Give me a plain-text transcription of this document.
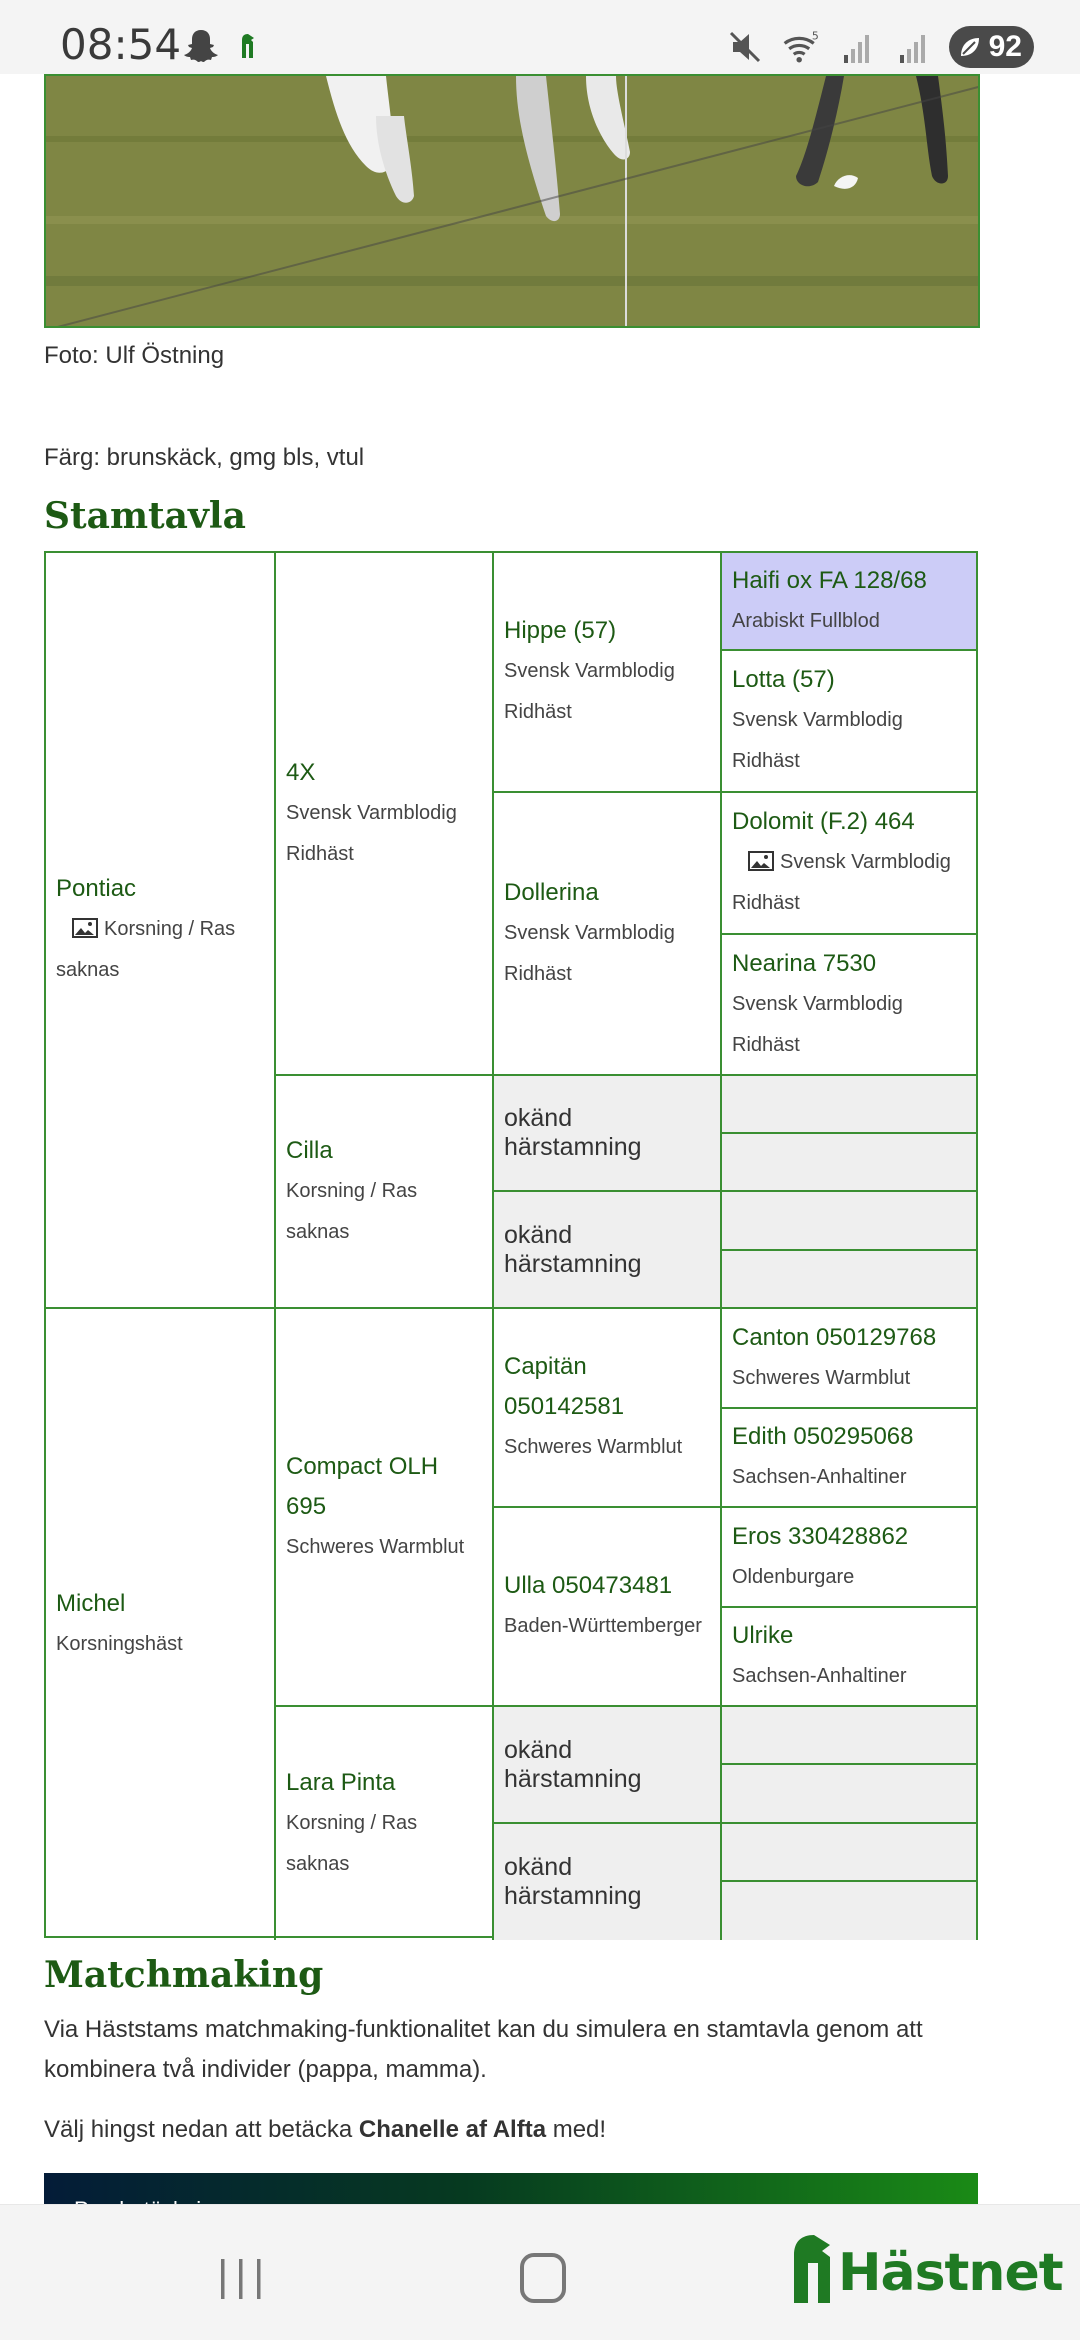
08:54	5	92
Foto: Ulf Östning
Färg: brunskäck, gmg bls, vtul
Stamtavla
Pontiac
Korsning / Ras saknas
Michel
Korsningshäst
4X
Svensk Varmblodig Ridhäst
Cilla
Korsning / Ras saknas
Compact OLH 695
Schweres Warmblut
Lara Pinta
Korsning / Ras saknas
Hippe (57)
Svensk Varmblodig Ridhäst
Dollerina
Svensk Varmblodig Ridhäst
okänd härstamning
okänd härstamning
Capitän 050142581
Schweres Warmblut
Ulla 050473481
Baden-Württemberger
okänd härstamning
okänd härstamning
Haifi ox FA 128/68
Arabiskt Fullblod
Lotta (57)
Svensk Varmblodig Ridhäst
Dolomit (F.2) 464
Svensk Varmblodig Ridhäst
Nearina 7530
Svensk Varmblodig Ridhäst
Canton 050129768
Schweres Warmblut
Edith 050295068
Sachsen-Anhaltiner
Eros 330428862
Oldenburgare
Ulrike
Sachsen-Anhaltiner
Matchmaking
Via Häststams matchmaking-funktionalitet kan du simulera en stamtavla genom att kombinera två individer (pappa, mamma).
Välj hingst nedan att betäcka Chanelle af Alfta med!
Hästnet
